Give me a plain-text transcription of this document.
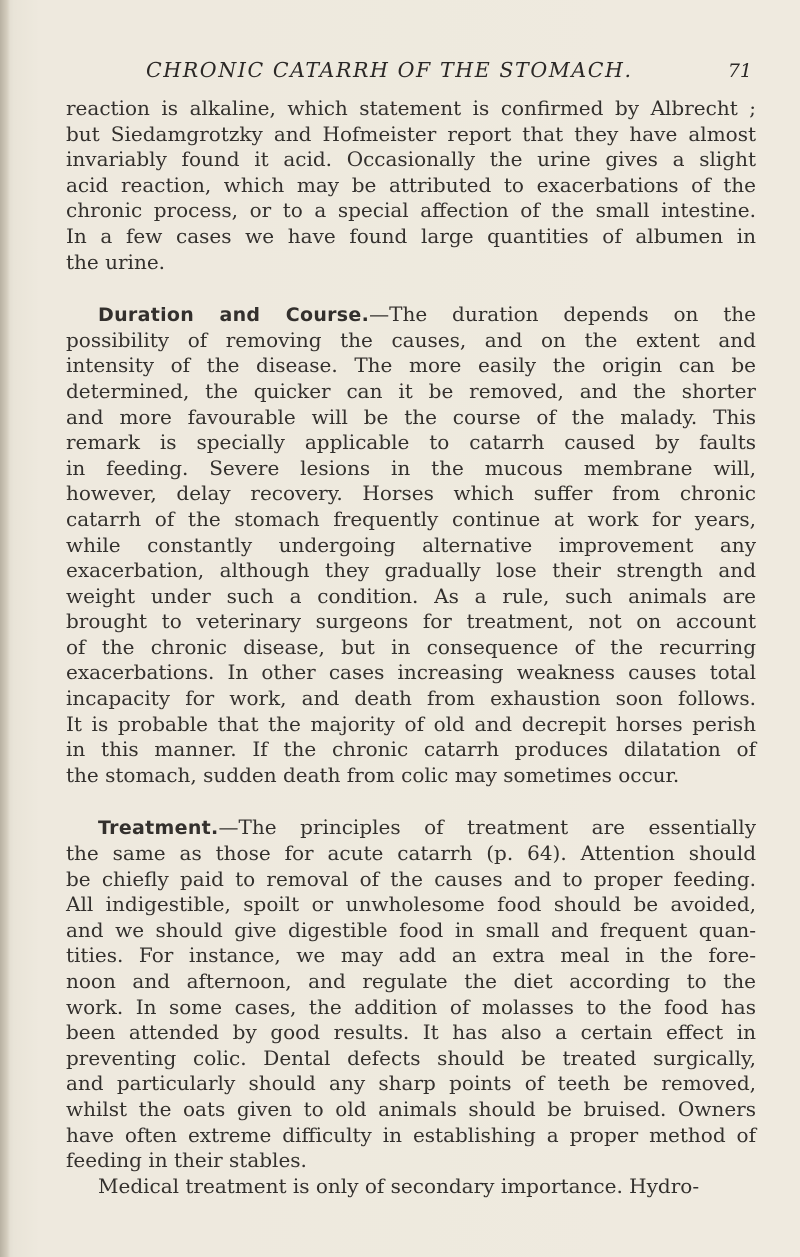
CHRONIC CATARRH OF THE STOMACH.	71
reaction is alkaline, which statement is confirmed by Albrecht ;
but Siedamgrotzky and Hofmeister report that they have almost
invariably found it acid. Occasionally the urine gives a slight
acid reaction, which may be attributed to exacerbations of the
chronic process, or to a special affection of the small intestine.
In a few cases we have found large quantities of albumen in
the urine.
Duration and Course.—The duration depends on the
possibility of removing the causes, and on the extent and
intensity of the disease. The more easily the origin can be
determined, the quicker can it be removed, and the shorter
and more favourable will be the course of the malady. This
remark is specially applicable to catarrh caused by faults
in feeding. Severe lesions in the mucous membrane will,
however, delay recovery. Horses which suffer from chronic
catarrh of the stomach frequently continue at work for years,
while constantly undergoing alternative improvement any
exacerbation, although they gradually lose their strength and
weight under such a condition. As a rule, such animals are
brought to veterinary surgeons for treatment, not on account
of the chronic disease, but in consequence of the recurring
exacerbations. In other cases increasing weakness causes total
incapacity for work, and death from exhaustion soon follows.
It is probable that the majority of old and decrepit horses perish
in this manner. If the chronic catarrh produces dilatation of
the stomach, sudden death from colic may sometimes occur.
Treatment.—The principles of treatment are essentially
the same as those for acute catarrh (p. 64). Attention should
be chiefly paid to removal of the causes and to proper feeding.
All indigestible, spoilt or unwholesome food should be avoided,
and we should give digestible food in small and frequent quan-
tities. For instance, we may add an extra meal in the fore-
noon and afternoon, and regulate the diet according to the
work. In some cases, the addition of molasses to the food has
been attended by good results. It has also a certain effect in
preventing colic. Dental defects should be treated surgically,
and particularly should any sharp points of teeth be removed,
whilst the oats given to old animals should be bruised. Owners
have often extreme difficulty in establishing a proper method of
feeding in their stables.
Medical treatment is only of secondary importance. Hydro-
